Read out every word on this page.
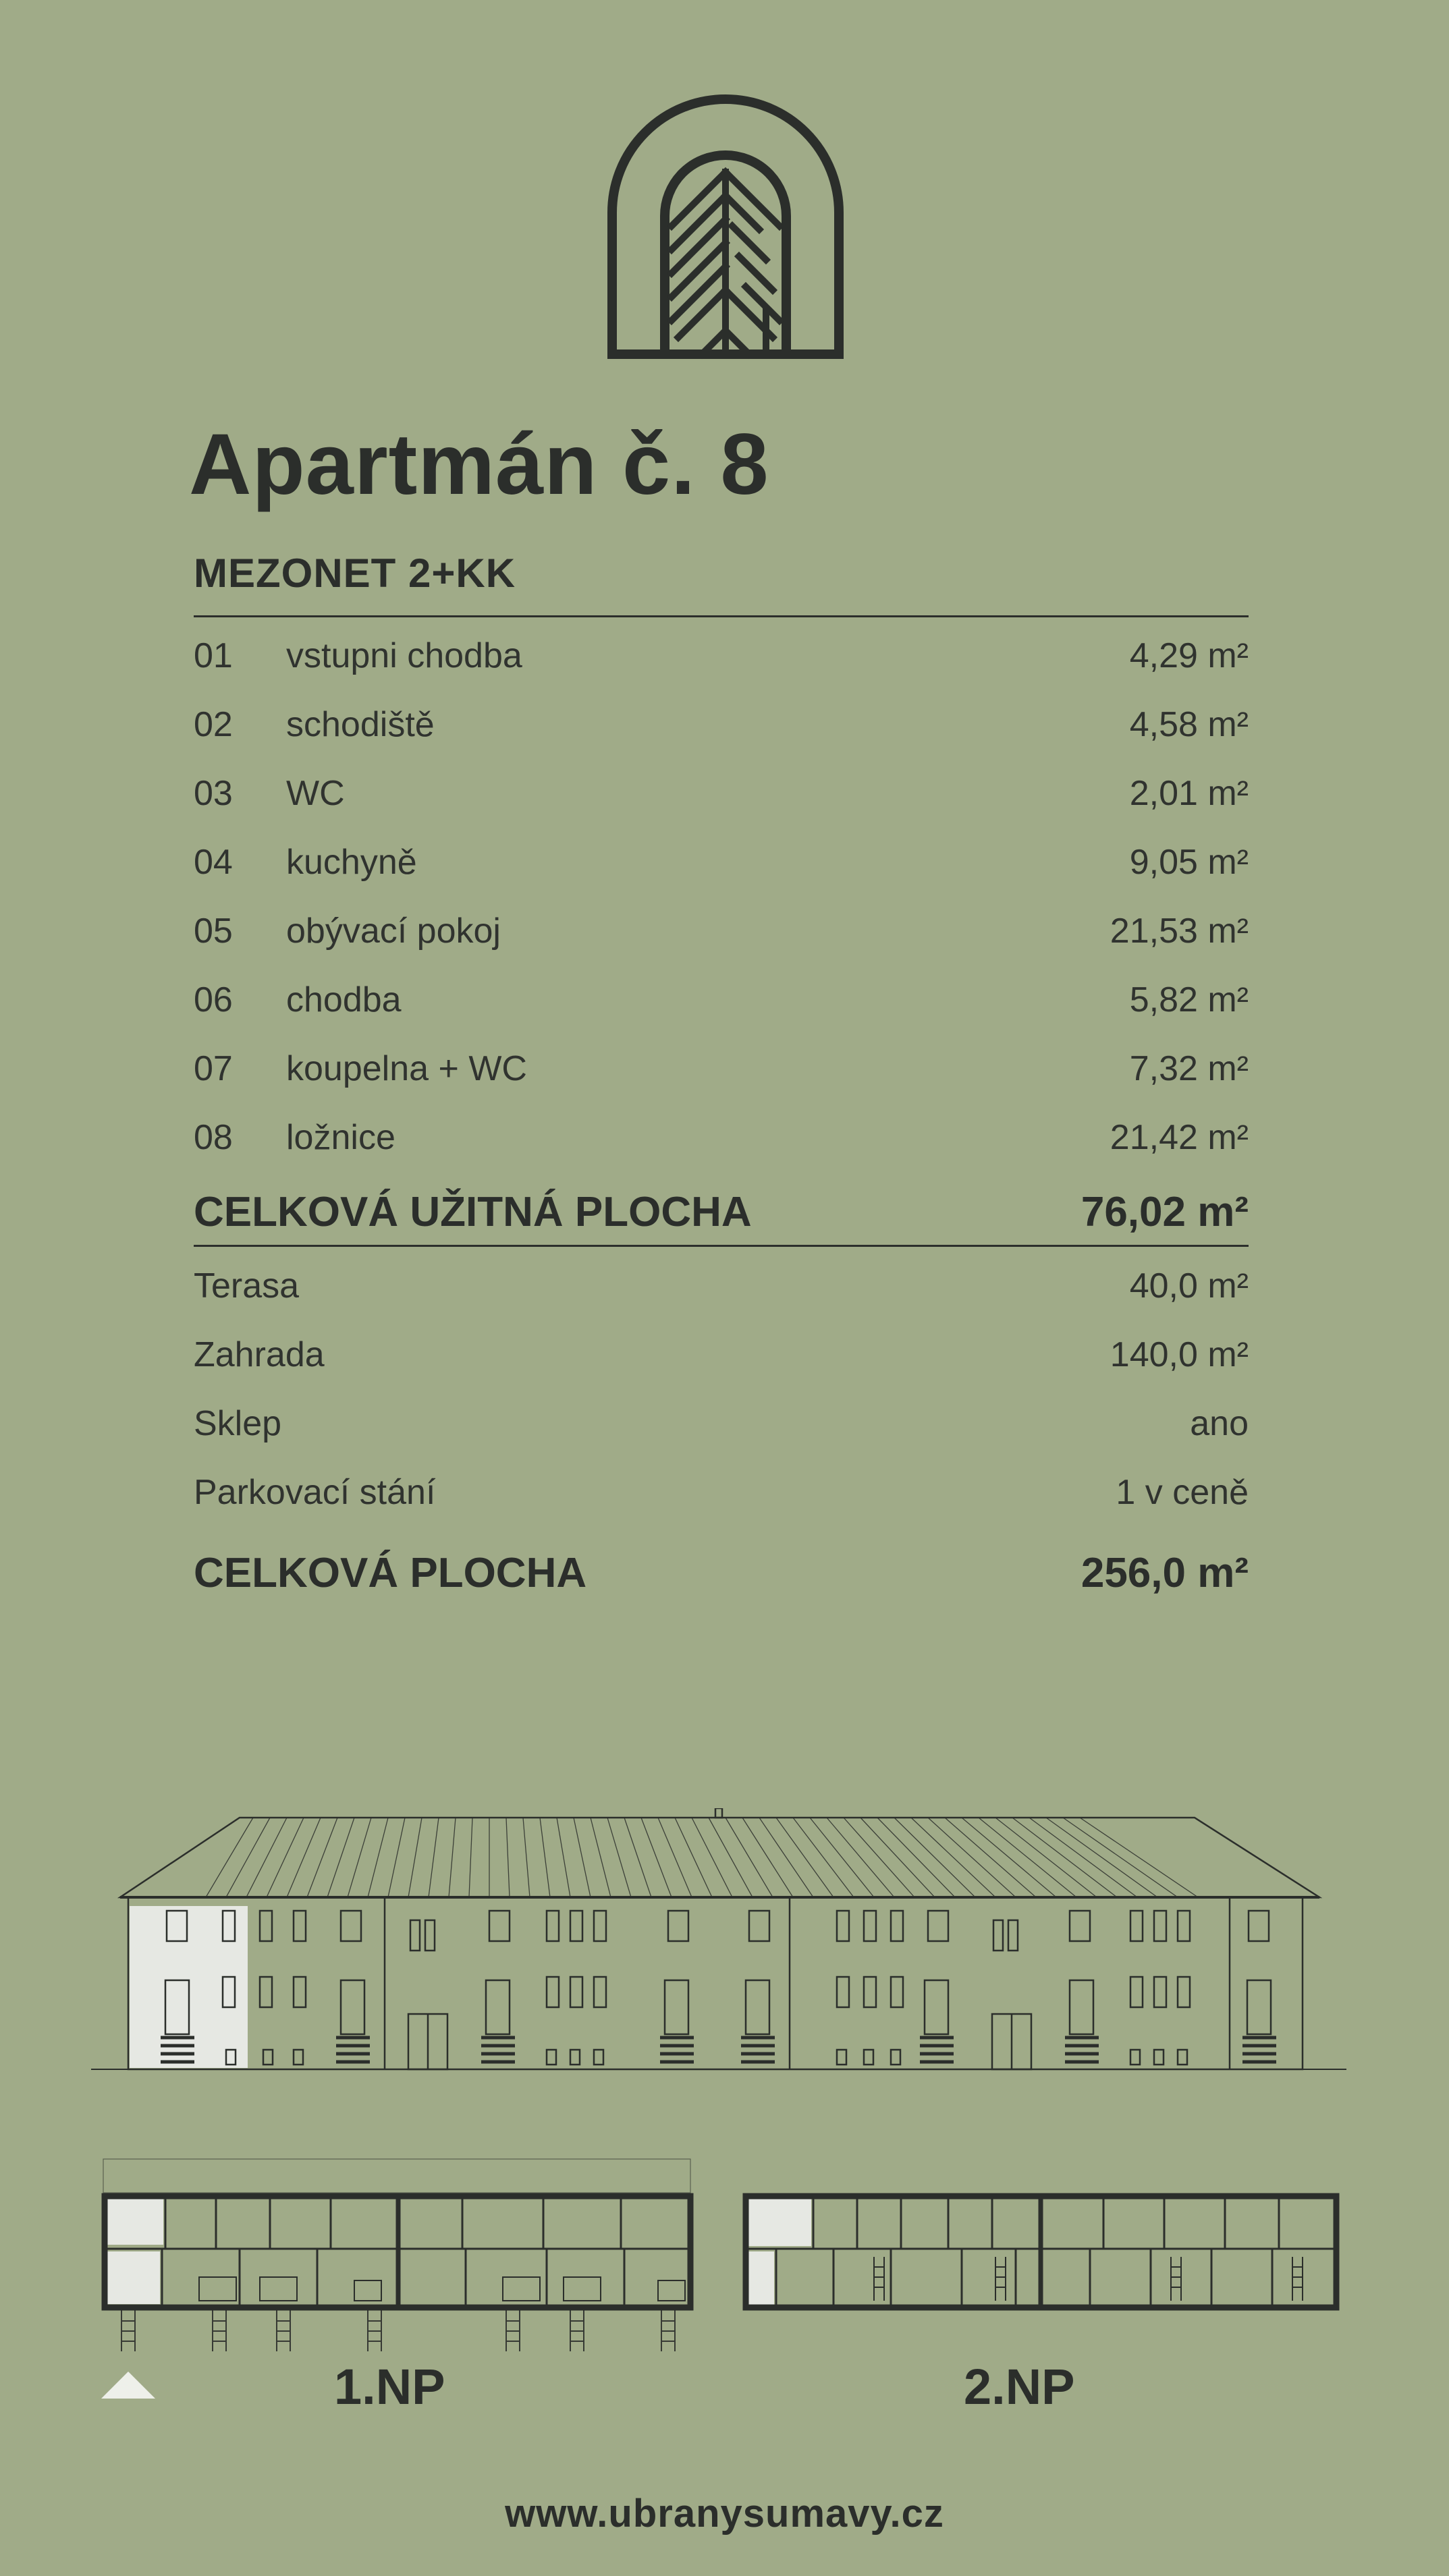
Apartmán č. 8
MEZONET 2+KK
01	vstupni chodba	4,29 m²
02	schodiště	4,58 m²
03	WC	2,01 m²
04	kuchyně	9,05 m²
05	obývací pokoj	21,53 m²
06	chodba	5,82 m²
07	koupelna + WC	7,32 m²
08	ložnice	21,42 m²
CELKOVÁ UŽITNÁ PLOCHA	76,02 m²
Terasa	40,0 m²
Zahrada	140,0 m²
Sklep	ano
Parkovací stání	1 v ceně
CELKOVÁ PLOCHA	256,0 m²
1.NP	2.NP
www.ubranysumavy.cz
